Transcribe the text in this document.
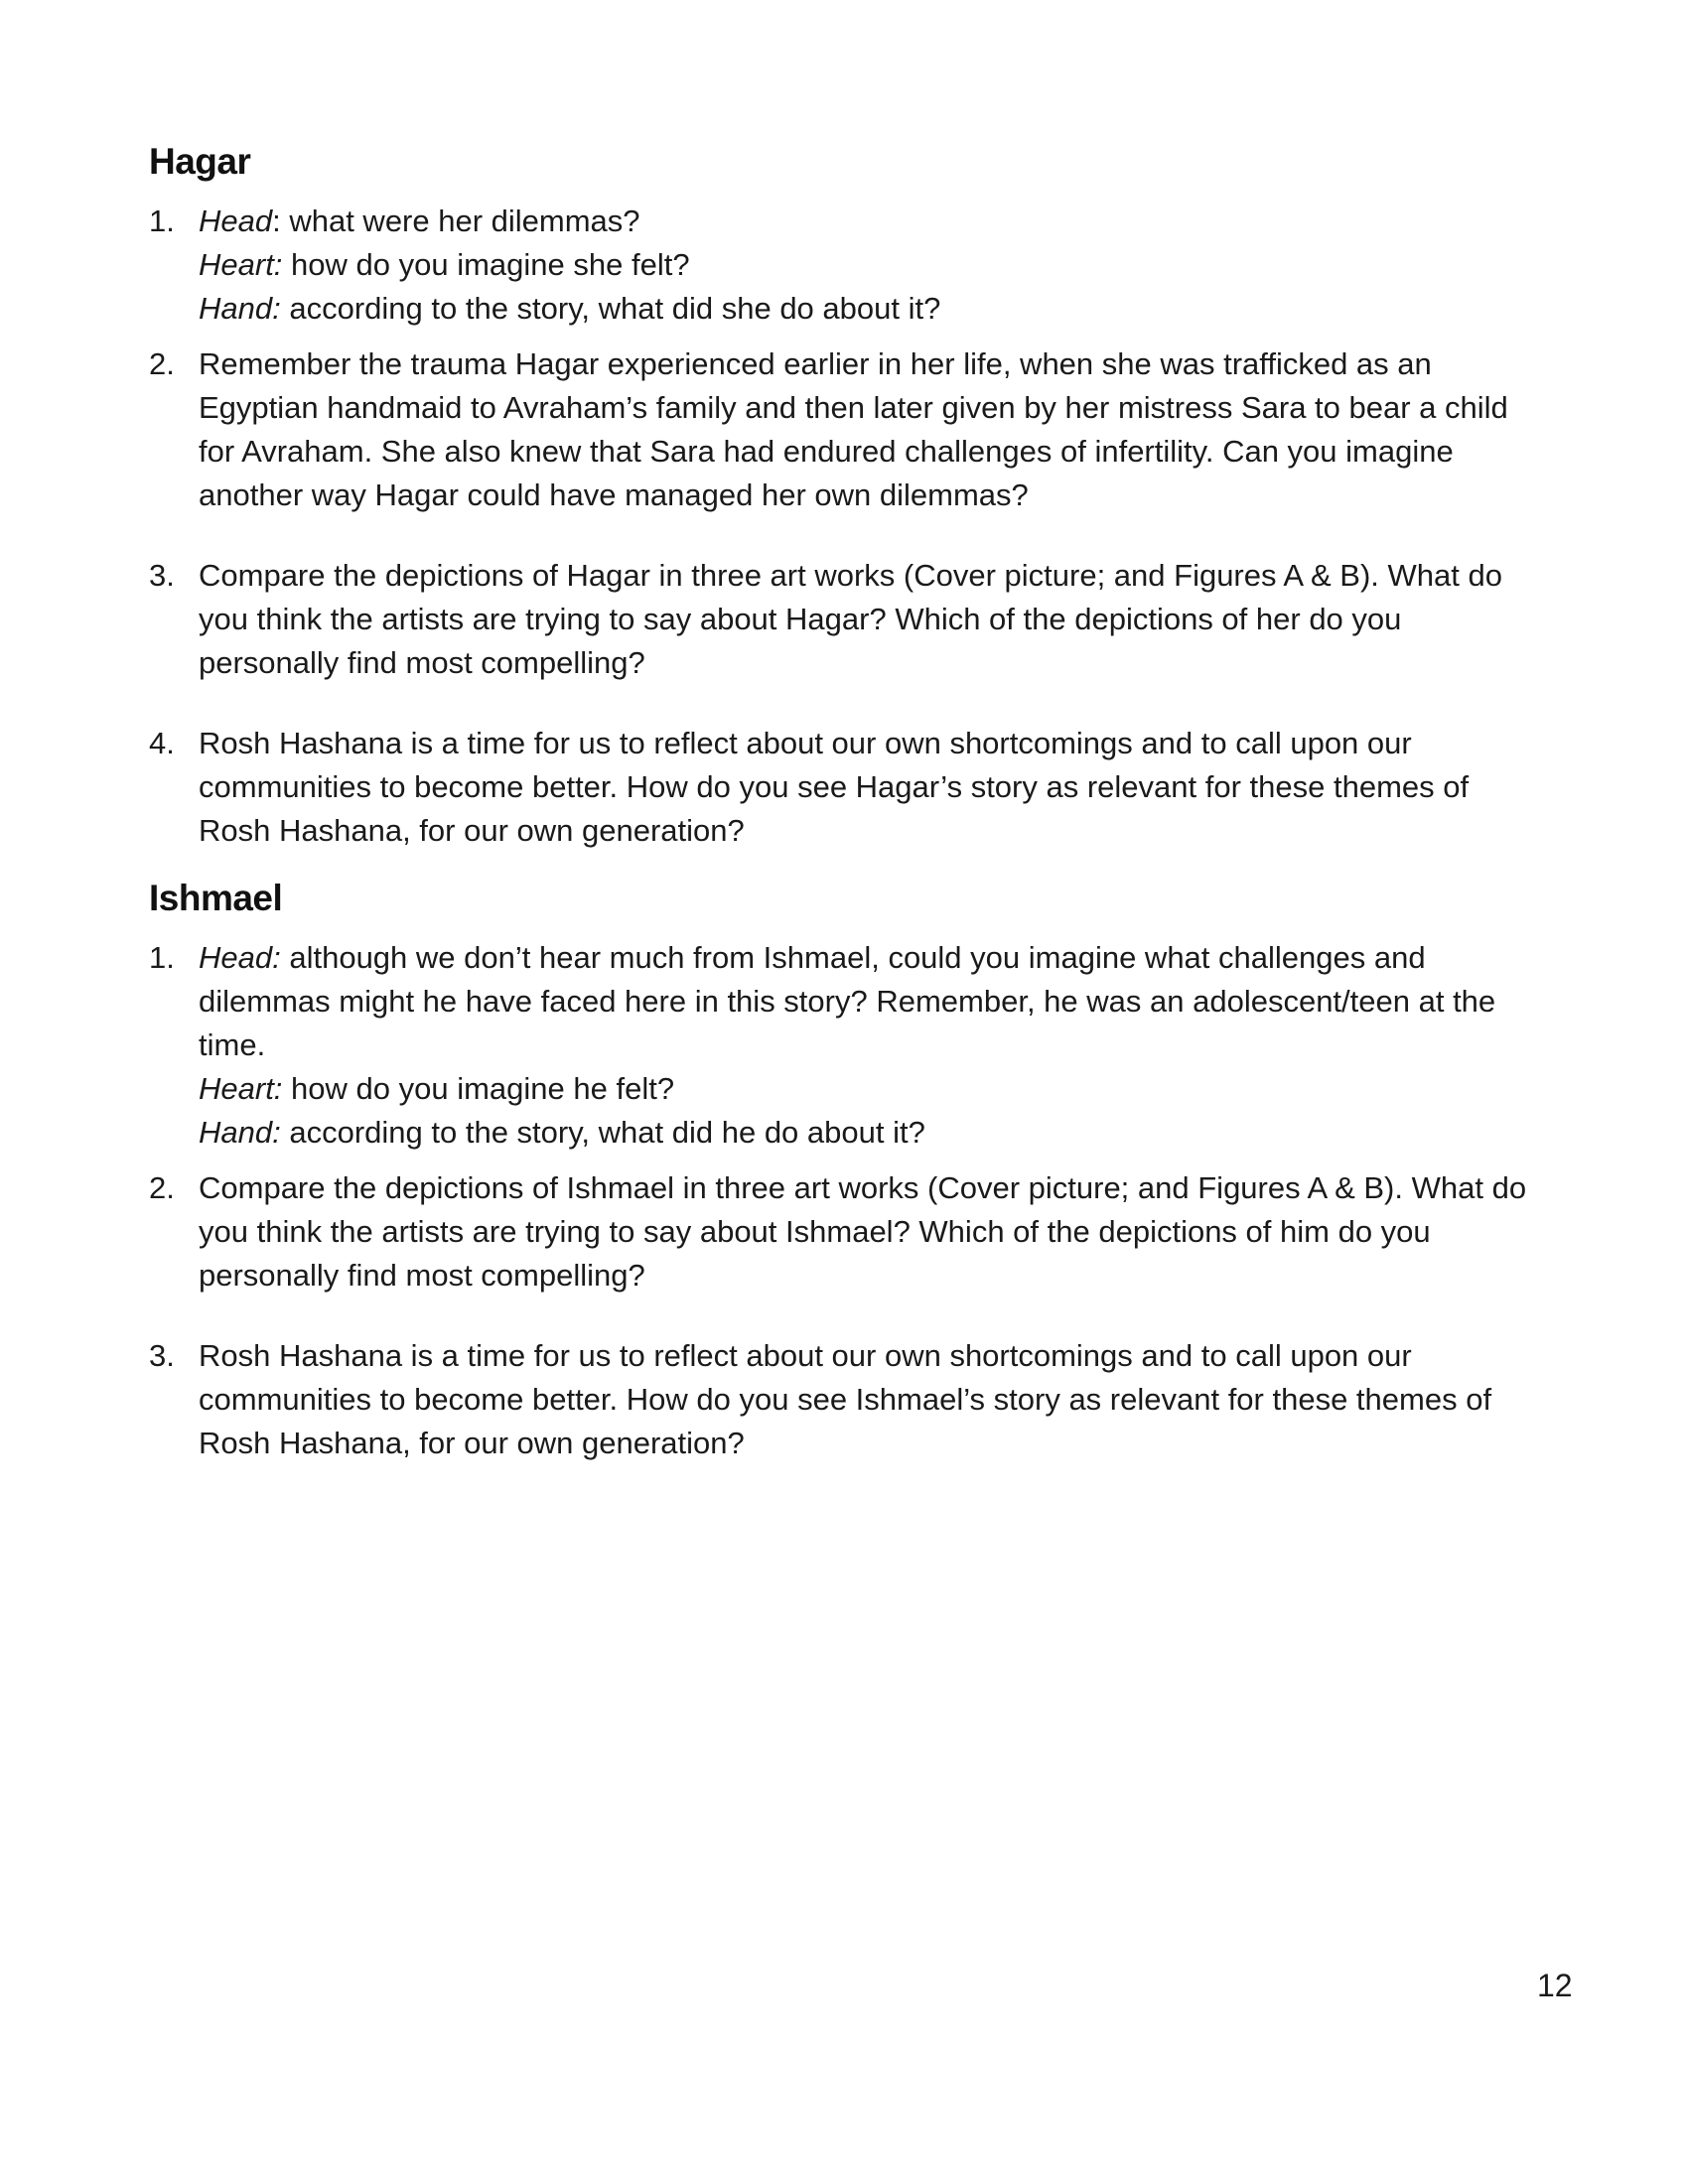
Hagar
1. Head: what were her dilemmas?
Heart: how do you imagine she felt?
Hand: according to the story, what did she do about it?
2. Remember the trauma Hagar experienced earlier in her life, when she was trafficked as an Egyptian handmaid to Avraham’s family and then later given by her mistress Sara to bear a child for Avraham. She also knew that Sara had endured challenges of infertility. Can you imagine another way Hagar could have managed her own dilemmas?
3. Compare the depictions of Hagar in three art works (Cover picture; and Figures A & B). What do you think the artists are trying to say about Hagar? Which of the depictions of her do you personally find most compelling?
4. Rosh Hashana is a time for us to reflect about our own shortcomings and to call upon our communities to become better. How do you see Hagar’s story as relevant for these themes of Rosh Hashana, for our own generation?
Ishmael
1. Head: although we don’t hear much from Ishmael, could you imagine what challenges and dilemmas might he have faced here in this story? Remember, he was an adolescent/teen at the time.
Heart: how do you imagine he felt?
Hand: according to the story, what did he do about it?
2. Compare the depictions of Ishmael in three art works (Cover picture; and Figures A & B). What do you think the artists are trying to say about Ishmael? Which of the depictions of him do you personally find most compelling?
3. Rosh Hashana is a time for us to reflect about our own shortcomings and to call upon our communities to become better. How do you see Ishmael’s story as relevant for these themes of Rosh Hashana, for our own generation?
12
